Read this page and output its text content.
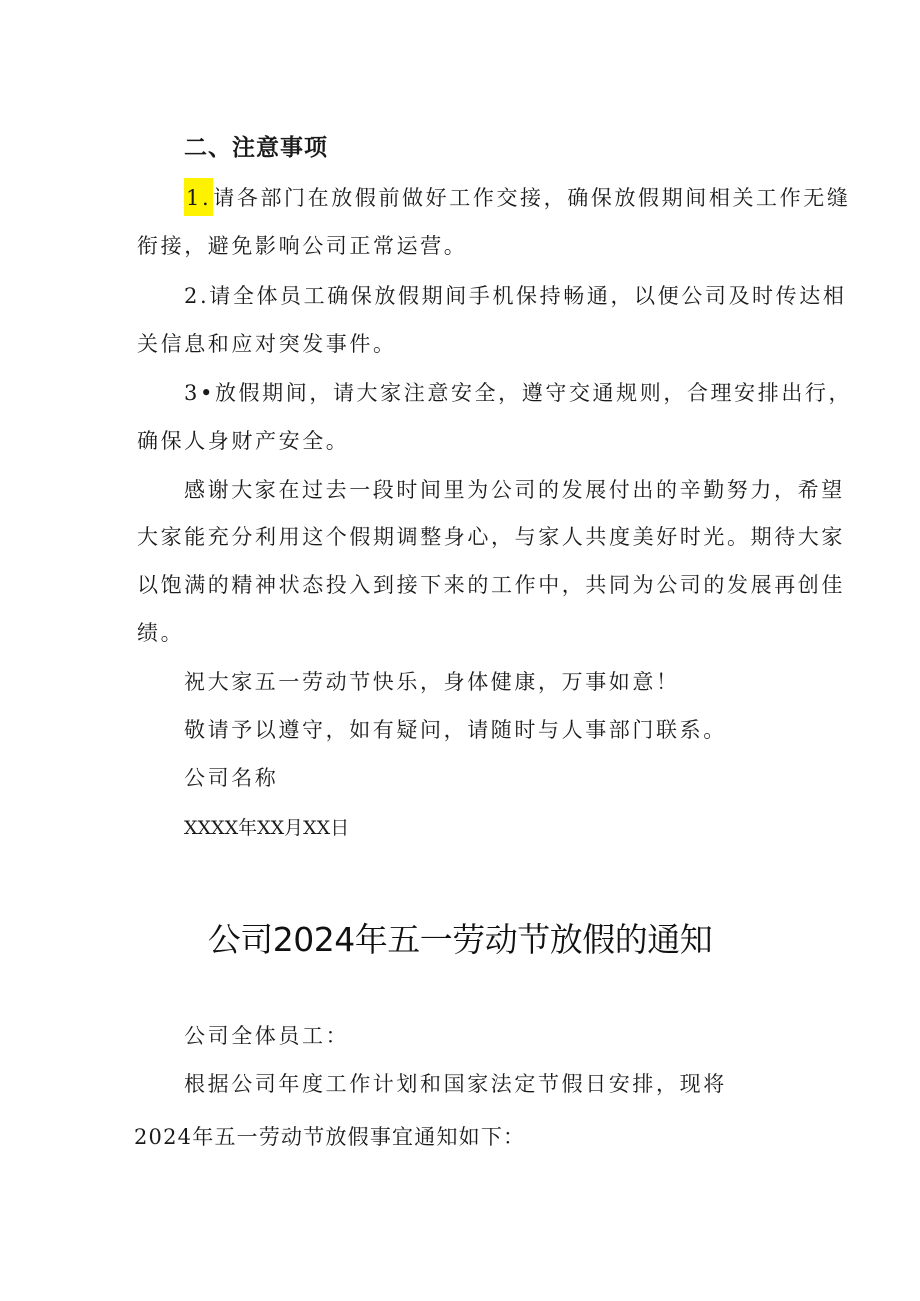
二、注意事项
1.请各部门在放假前做好工作交接，确保放假期间相关工作无缝
衔接，避免影响公司正常运营。
2.请全体员工确保放假期间手机保持畅通，以便公司及时传达相
关信息和应对突发事件。
3•放假期间，请大家注意安全，遵守交通规则，合理安排出行，
确保人身财产安全。
感谢大家在过去一段时间里为公司的发展付出的辛勤努力，希望
大家能充分利用这个假期调整身心，与家人共度美好时光。期待大家
以饱满的精神状态投入到接下来的工作中，共同为公司的发展再创佳
绩。
祝大家五一劳动节快乐，身体健康，万事如意！
敬请予以遵守，如有疑问，请随时与人事部门联系。
公司名称
XXXX年XX月XX日
公司2024年五一劳动节放假的通知
公司全体员工：
根据公司年度工作计划和国家法定节假日安排，现将
2024年五一劳动节放假事宜通知如下：
